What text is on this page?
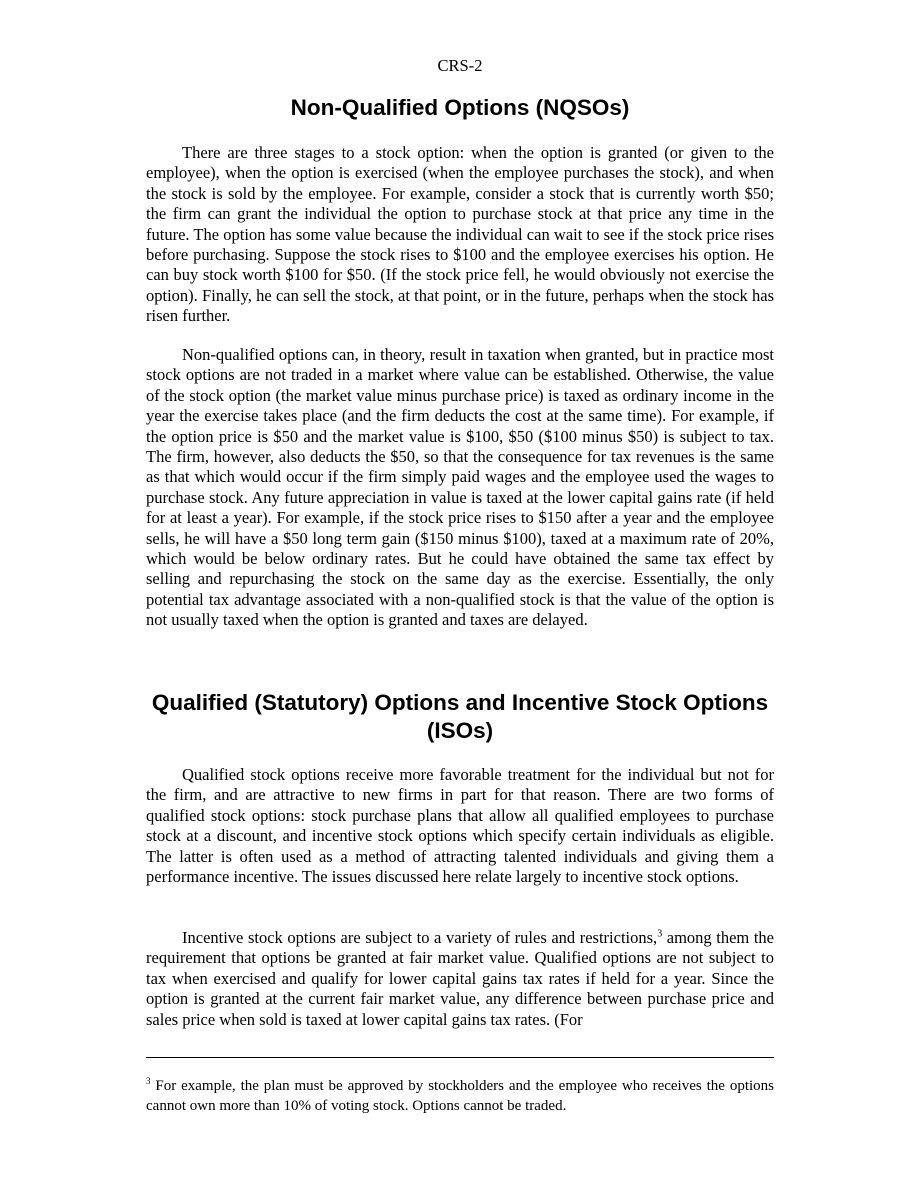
CRS-2
Non-Qualified Options (NQSOs)

There are three stages to a stock option: when the option is granted (or given to the employee), when the option is exercised (when the employee purchases the stock), and when the stock is sold by the employee. For example, consider a stock that is currently worth $50; the firm can grant the individual the option to purchase stock at that price any time in the future. The option has some value because the individual can wait to see if the stock price rises before purchasing. Suppose the stock rises to $100 and the employee exercises his option. He can buy stock worth $100 for $50. (If the stock price fell, he would obviously not exercise the option). Finally, he can sell the stock, at that point, or in the future, perhaps when the stock has risen further.

Non-qualified options can, in theory, result in taxation when granted, but in practice most stock options are not traded in a market where value can be established. Otherwise, the value of the stock option (the market value minus purchase price) is taxed as ordinary income in the year the exercise takes place (and the firm deducts the cost at the same time). For example, if the option price is $50 and the market value is $100, $50 ($100 minus $50) is subject to tax. The firm, however, also deducts the $50, so that the consequence for tax revenues is the same as that which would occur if the firm simply paid wages and the employee used the wages to purchase stock. Any future appreciation in value is taxed at the lower capital gains rate (if held for at least a year). For example, if the stock price rises to $150 after a year and the employee sells, he will have a $50 long term gain ($150 minus $100), taxed at a maximum rate of 20%, which would be below ordinary rates. But he could have obtained the same tax effect by selling and repurchasing the stock on the same day as the exercise. Essentially, the only potential tax advantage associated with a non-qualified stock is that the value of the option is not usually taxed when the option is granted and taxes are delayed.

Qualified (Statutory) Options and Incentive Stock Options (ISOs)

Qualified stock options receive more favorable treatment for the individual but not for the firm, and are attractive to new firms in part for that reason. There are two forms of qualified stock options: stock purchase plans that allow all qualified employees to purchase stock at a discount, and incentive stock options which specify certain individuals as eligible. The latter is often used as a method of attracting talented individuals and giving them a performance incentive. The issues discussed here relate largely to incentive stock options.

Incentive stock options are subject to a variety of rules and restrictions,$^3$ among them the requirement that options be granted at fair market value. Qualified options are not subject to tax when exercised and qualify for lower capital gains tax rates if held for a year. Since the option is granted at the current fair market value, any difference between purchase price and sales price when sold is taxed at lower capital gains tax rates. (For

$^3$ For example, the plan must be approved by stockholders and the employee who receives the options cannot own more than 10% of voting stock. Options cannot be traded.
